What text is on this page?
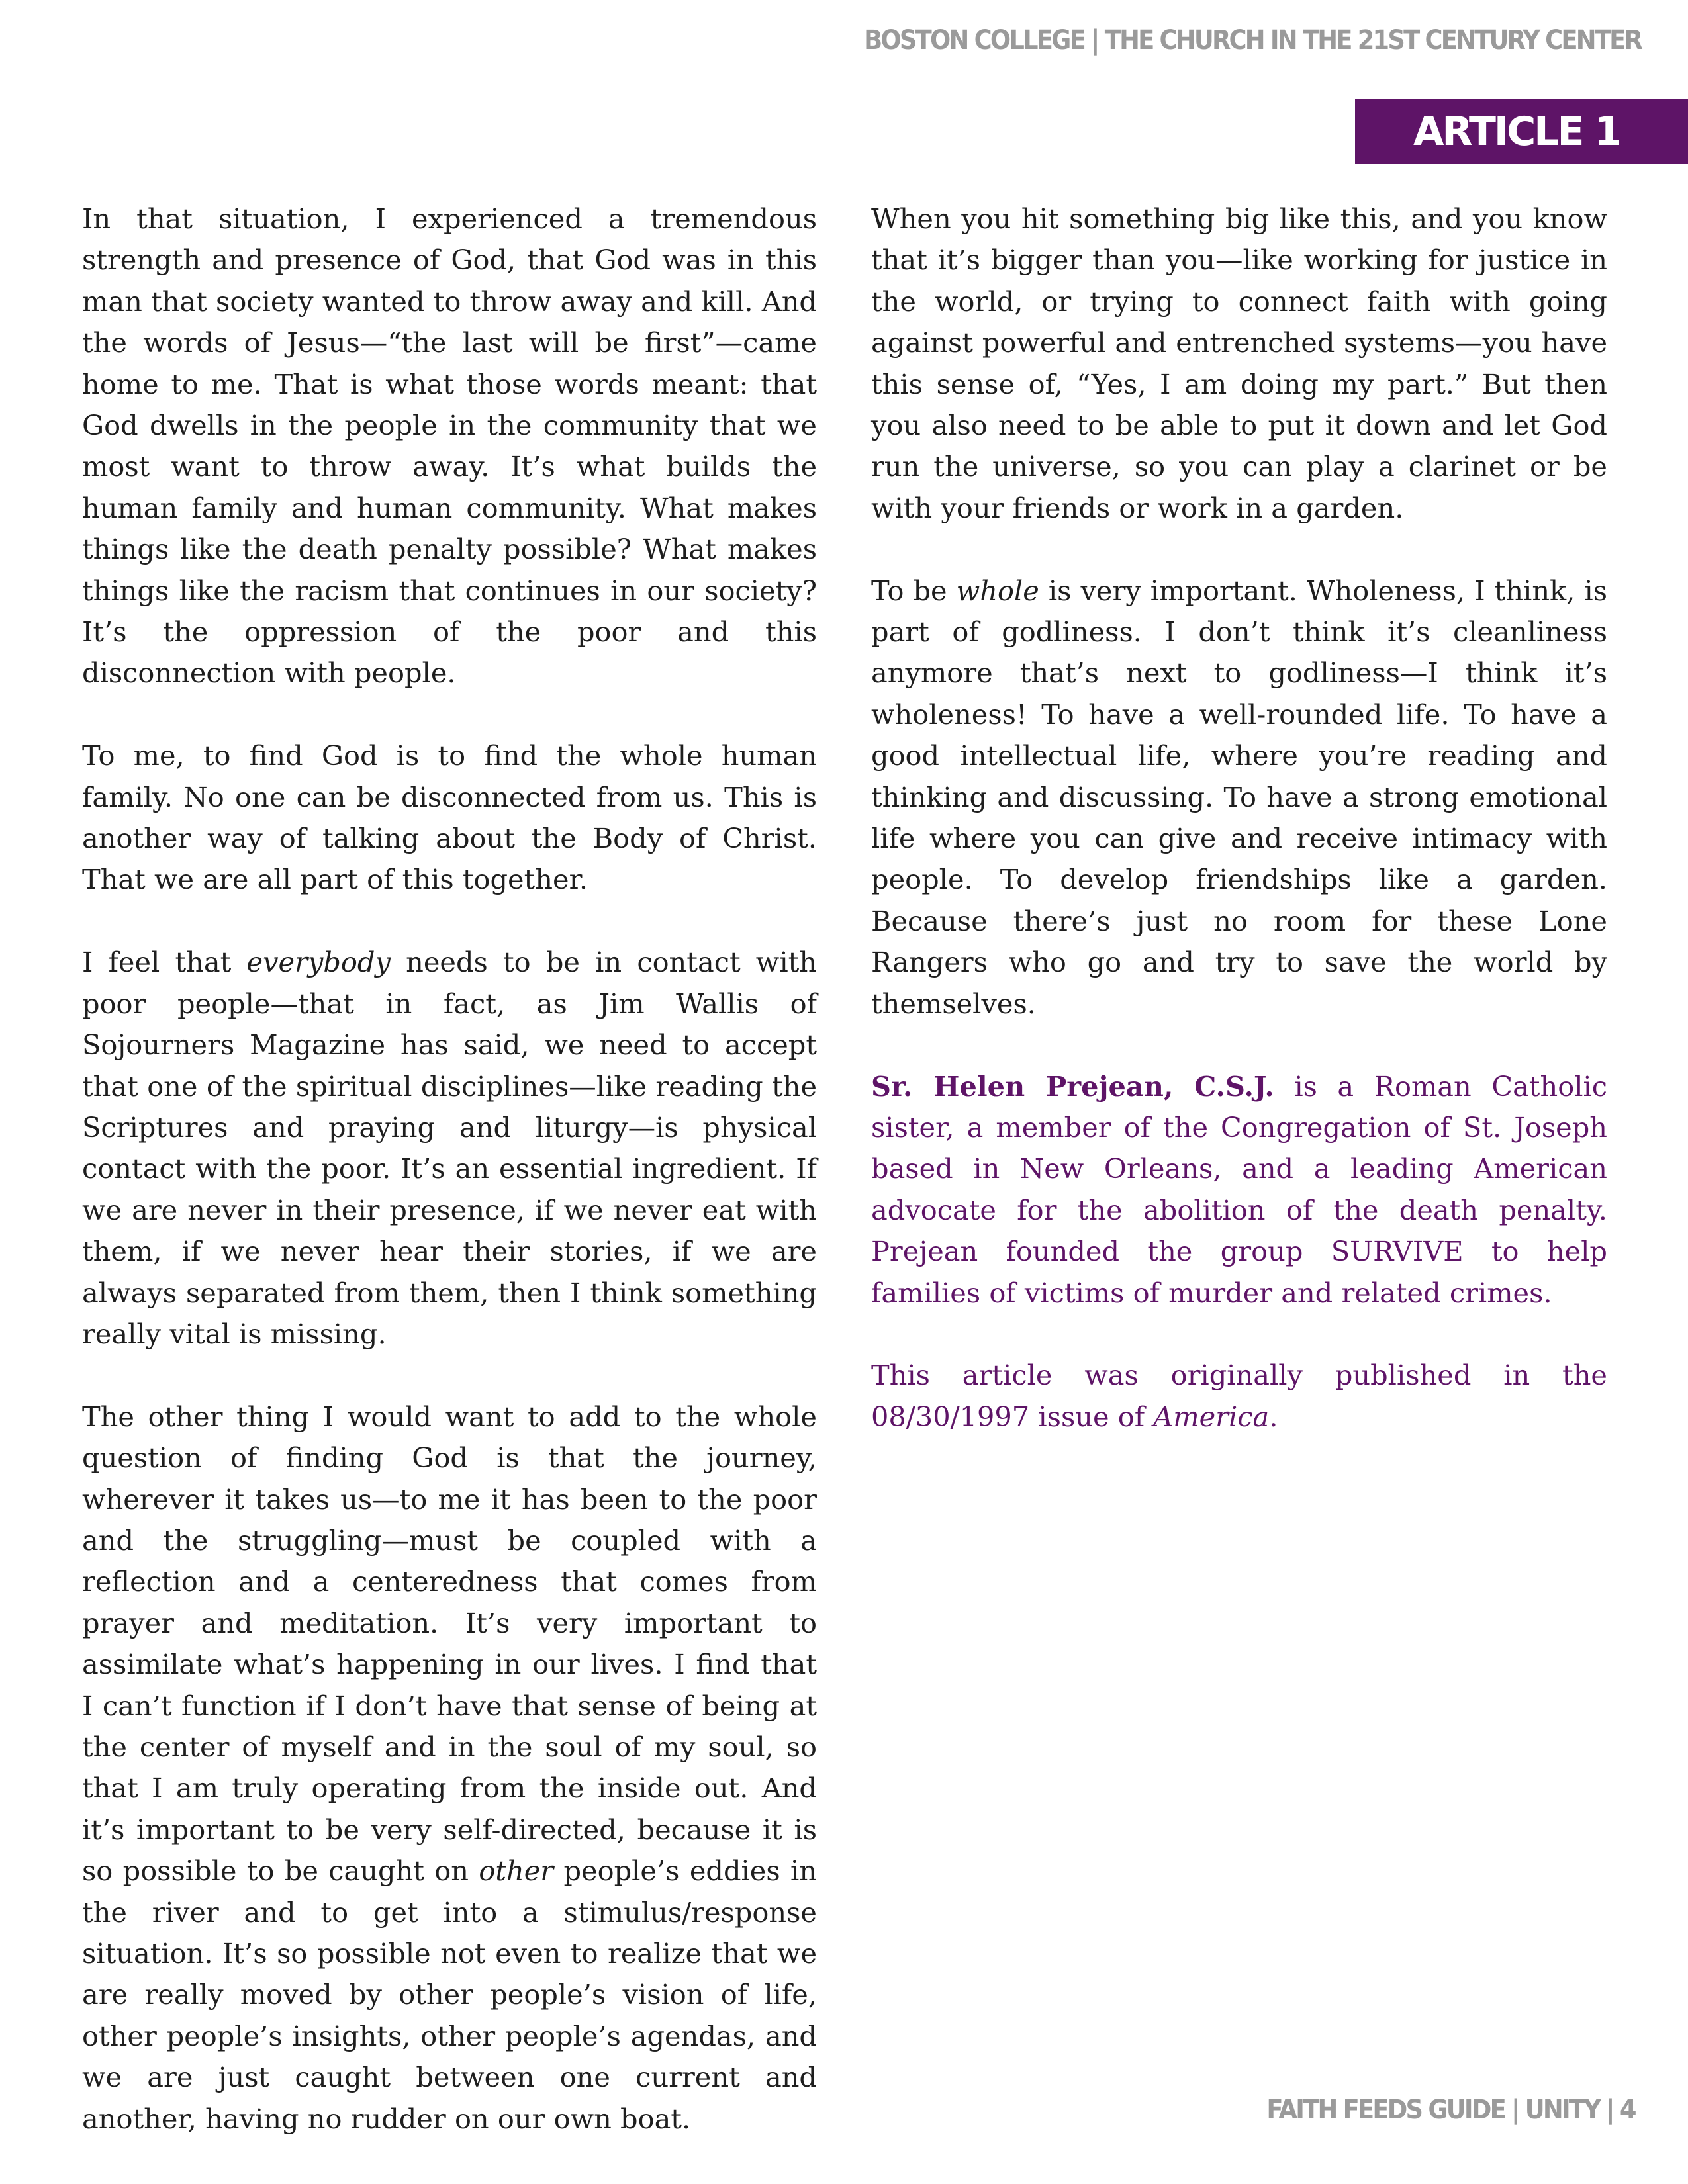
BOSTON COLLEGE | THE CHURCH IN THE 21ST CENTURY CENTER
ARTICLE 1

In that situation, I experienced a tremendous strength and presence of God, that God was in this man that society wanted to throw away and kill. And the words of Jesus—“the last will be first”—came home to me. That is what those words meant: that God dwells in the people in the community that we most want to throw away. It’s what builds the human family and human community. What makes things like the death penalty possible? What makes things like the racism that continues in our society? It’s the oppression of the poor and this disconnection with people.

To me, to find God is to find the whole human family. No one can be disconnected from us. This is another way of talking about the Body of Christ. That we are all part of this together.

I feel that everybody needs to be in contact with poor people—that in fact, as Jim Wallis of Sojourners Magazine has said, we need to accept that one of the spiritual disciplines—like reading the Scriptures and praying and liturgy—is physical contact with the poor. It’s an essential ingredient. If we are never in their presence, if we never eat with them, if we never hear their stories, if we are always separated from them, then I think something really vital is missing.

The other thing I would want to add to the whole question of finding God is that the journey, wherever it takes us—to me it has been to the poor and the struggling—must be coupled with a reflection and a centeredness that comes from prayer and meditation. It’s very important to assimilate what’s happening in our lives. I find that I can’t function if I don’t have that sense of being at the center of myself and in the soul of my soul, so that I am truly operating from the inside out. And it’s important to be very self-directed, because it is so possible to be caught on other people’s eddies in the river and to get into a stimulus/response situation. It’s so possible not even to realize that we are really moved by other people’s vision of life, other people’s insights, other people’s agendas, and we are just caught between one current and another, having no rudder on our own boat.

When you hit something big like this, and you know that it’s bigger than you—like working for justice in the world, or trying to connect faith with going against powerful and entrenched systems—you have this sense of, “Yes, I am doing my part.” But then you also need to be able to put it down and let God run the universe, so you can play a clarinet or be with your friends or work in a garden.

To be whole is very important. Wholeness, I think, is part of godliness. I don’t think it’s cleanliness anymore that’s next to godliness—I think it’s wholeness! To have a well-rounded life. To have a good intellectual life, where you’re reading and thinking and discussing. To have a strong emotional life where you can give and receive intimacy with people. To develop friendships like a garden. Because there’s just no room for these Lone Rangers who go and try to save the world by themselves.

Sr. Helen Prejean, C.S.J. is a Roman Catholic sister, a member of the Congregation of St. Joseph based in New Orleans, and a leading American advocate for the abolition of the death penalty. Prejean founded the group SURVIVE to help families of victims of murder and related crimes.

This article was originally published in the 08/30/1997 issue of America.

FAITH FEEDS GUIDE | UNITY | 4
